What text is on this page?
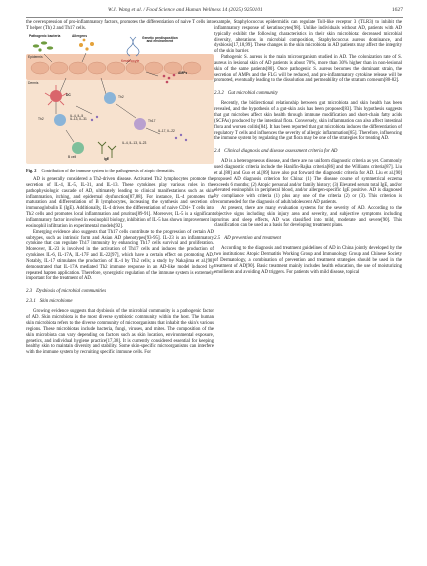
W.J. Wang et al. / Food Science and Human Wellness 14 (2025) 9250101	1627

the overexpression of pro-inflammatory factors, promotes the differentiation of naive T cells into T helper (Th) 2 and Th17 cells.

Pathogenic bacteria	Allergens	Genetic predisposition
and environment
Epidermis
Keratinocyte
AMPs
Dermis
DC	Th2
Th2
IL-4, IL-5
IL-13, IL-31	Th17
IL-17, IL-22
IL-4, IL-13, IL-23
B cell	IgE
Fig. 2 Contribution of the immune system to the pathogenesis of atopic dermatitis.

AD is generally considered a Th2-driven disease. Activated Th2 lymphocytes promote the secretion of IL-4, IL-5, IL-31, and IL-13. These cytokines play various roles in the pathophysiologic cascade of AD, ultimately leading to clinical manifestations such as skin inflammation, itching, and epidermal dysfunction[87,88]. For instance, IL-4 promotes the maturation and differentiation of B lymphocytes, increasing the synthesis and secretion of immunoglobulin E (IgE). Additionally, IL-4 drives the differentiation of naive CD4+ T cells into Th2 cells and promotes local inflammation and pruritus[89-91]. Moreover, IL-5 is a significant inflammatory factor involved in eosinophil biology, inhibition of IL-5 has shown improvement in eosinophil infiltration in experimental models[92].

Emerging evidence also suggests that Th17 cells contribute to the progression of certain AD subtypes, such as intrinsic form and Asian AD phenotypes[93-95]. IL-23 is an inflammatory cytokine that can regulate Th17 immunity by enhancing Th17 cells survival and proliferation. Moreover, IL-23 is involved in the activation of Th17 cells and induces the production of cytokines IL-6, IL-17A, IL-17F and IL-22[97], which have a certain effect on promoting AD. Notably, IL-17 stimulates the production of IL-4 by Th2 cells; a study by Nakajima et al.[98] demonstrated that IL-17A mediated Th2 immune response in an AD-like model induced by repeated hapten application. Therefore, synergistic regulation of the immune system is extremely important for the treatment of AD.

2.3 Dysbiosis of microbial communities
2.3.1 Skin microbiome

Growing evidence suggests that dysbiosis of the microbial community is a pathogenic factor of AD. Skin microbiota is the most diverse symbiotic community within the host. The human skin microbiota refers to the diverse community of microorganisms that inhabit the skin's various regions. These microbiotas include bacteria, fungi, viruses, and mites. The composition of the skin microbiota can vary depending on factors such as skin location, environmental exposure, genetics, and individual hygiene practice[17,38]. It is currently considered essential for keeping healthy skin to maintain diversity and stability. Some skin-specific microorganisms can interfere with the immune system by recruiting specific immune cells. For

example, Staphylococcus epidermidis can regulate Toll-like receptor 3 (TLR3) to inhibit the inflammatory response of keratinocytes[98]. Unlike individuals without AD, patients with AD typically exhibit the following characteristics in their skin microbiota: decreased microbial diversity, alterations in microbial composition, Staphylococcus aureus dominance, and dysbiosis[17,18,99]. These changes in the skin microbiota in AD patients may affect the integrity of the skin barrier.

Pathogenic S. aureus is the main microorganism studied in AD. The colonization rate of S. aureus in lesional skin of AD patients is about 70%, more than 30% higher than in non-lesional skin of the same patients[80]. Once pathogenic S. aureus becomes the dominant strain, the secretion of AMPs and the FLG will be reduced, and pro-inflammatory cytokine release will be promoted, eventually leading to the dissolution and permeability of the stratum corneum[80-82].

2.3.2 Gut microbial community

Recently, the bidirectional relationship between gut microbiota and skin health has been revealed, and the hypothesis of a gut-skin axis has been proposed[83]. This hypothesis suggests that gut microbes affect skin health through immune modification and short-chain fatty acids (SCFAs) produced by the intestinal flora. Conversely, skin inflammation can also affect intestinal flora and worsen colitis[84]. It has been reported that gut microbiota induces the differentiation of regulatory T cells and influences the severity of allergic inflammation[85]. Therefore, influencing the immune system by regulating the gut flora may be one of the strategies for treating AD.

2.4 Clinical diagnosis and disease assessment criteria for AD

AD is a heterogeneous disease, and there are no uniform diagnostic criteria as yet. Commonly used diagnostic criteria include the Hanifin-Rajka criteria[86] and the Williams criteria[87]. Liu et al.[88] and Guo et al.[89] have also put forward the diagnostic criteria for AD. Liu et al.[90] proposed AD diagnosis criterion for China: (1) The disease course of symmetrical eczema exceeds 6 months; (2) Atopic personal and/or family history; (3) Elevated serum total IgE, and/or elevated eosinophils in peripheral blood, and/or allergen-specific IgE positive. AD is diagnosed by compliance with criteria (1) plus any one of the criteria (2) or (3). This criterion is recommended for the diagnosis of adult/adolescent AD patients.

At present, there are many evaluation systems for the severity of AD. According to the objective signs including skin injury area and severity, and subjective symptoms including pruritus and sleep effects, AD was classified into mild, moderate and severe[90]. This classification can be used as a basis for developing treatment plans.

2.5 AD prevention and treatment

According to the diagnosis and treatment guidelines of AD in China jointly developed by the two institutions: Atopic Dermatitis Working Group and Immunology Group and Chinese Society of Dermatology, a combination of prevention and treatment strategies should be used in the treatment of AD[90]. Basic treatment mainly includes health education, the use of moisturizing emollients and avoiding AD triggers. For patients with mild disease, topical
